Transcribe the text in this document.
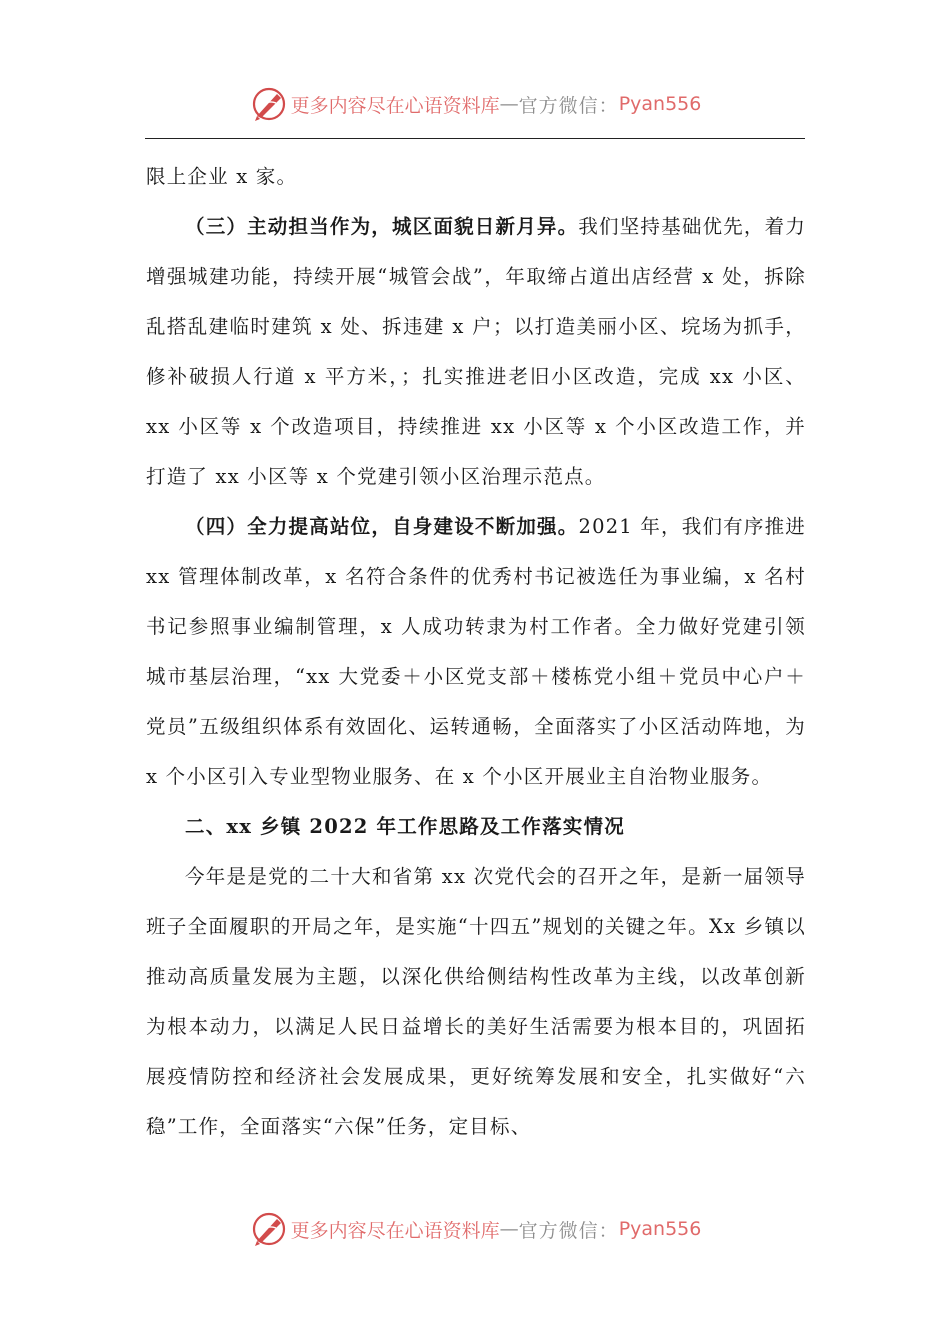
更多内容尽在心语资料库 — 官方微信： Pyan556

限上企业 x 家。

（三）主动担当作为，城区面貌日新月异。我们坚持基础优先，着力增强城建功能，持续开展“城管会战”，年取缔占道出店经营 x 处，拆除乱搭乱建临时建筑 x 处、拆违建 x 户；以打造美丽小区、垸场为抓手，修补破损人行道 x 平方米，；扎实推进老旧小区改造，完成 xx 小区、xx 小区等 x 个改造项目，持续推进 xx 小区等 x 个小区改造工作，并打造了 xx 小区等 x 个党建引领小区治理示范点。

（四）全力提高站位，自身建设不断加强。2021 年，我们有序推进 xx 管理体制改革，x 名符合条件的优秀村书记被选任为事业编，x 名村书记参照事业编制管理，x 人成功转隶为村工作者。全力做好党建引领城市基层治理，“xx 大党委＋小区党支部＋楼栋党小组＋党员中心户＋党员”五级组织体系有效固化、运转通畅，全面落实了小区活动阵地，为 x 个小区引入专业型物业服务、在 x 个小区开展业主自治物业服务。

二、xx 乡镇 2022 年工作思路及工作落实情况

今年是是党的二十大和省第 xx 次党代会的召开之年，是新一届领导班子全面履职的开局之年，是实施“十四五”规划的关键之年。Xx 乡镇以推动高质量发展为主题，以深化供给侧结构性改革为主线，以改革创新为根本动力，以满足人民日益增长的美好生活需要为根本目的，巩固拓展疫情防控和经济社会发展成果，更好统筹发展和安全，扎实做好“六稳”工作，全面落实“六保”任务，定目标、

更多内容尽在心语资料库 — 官方微信： Pyan556
